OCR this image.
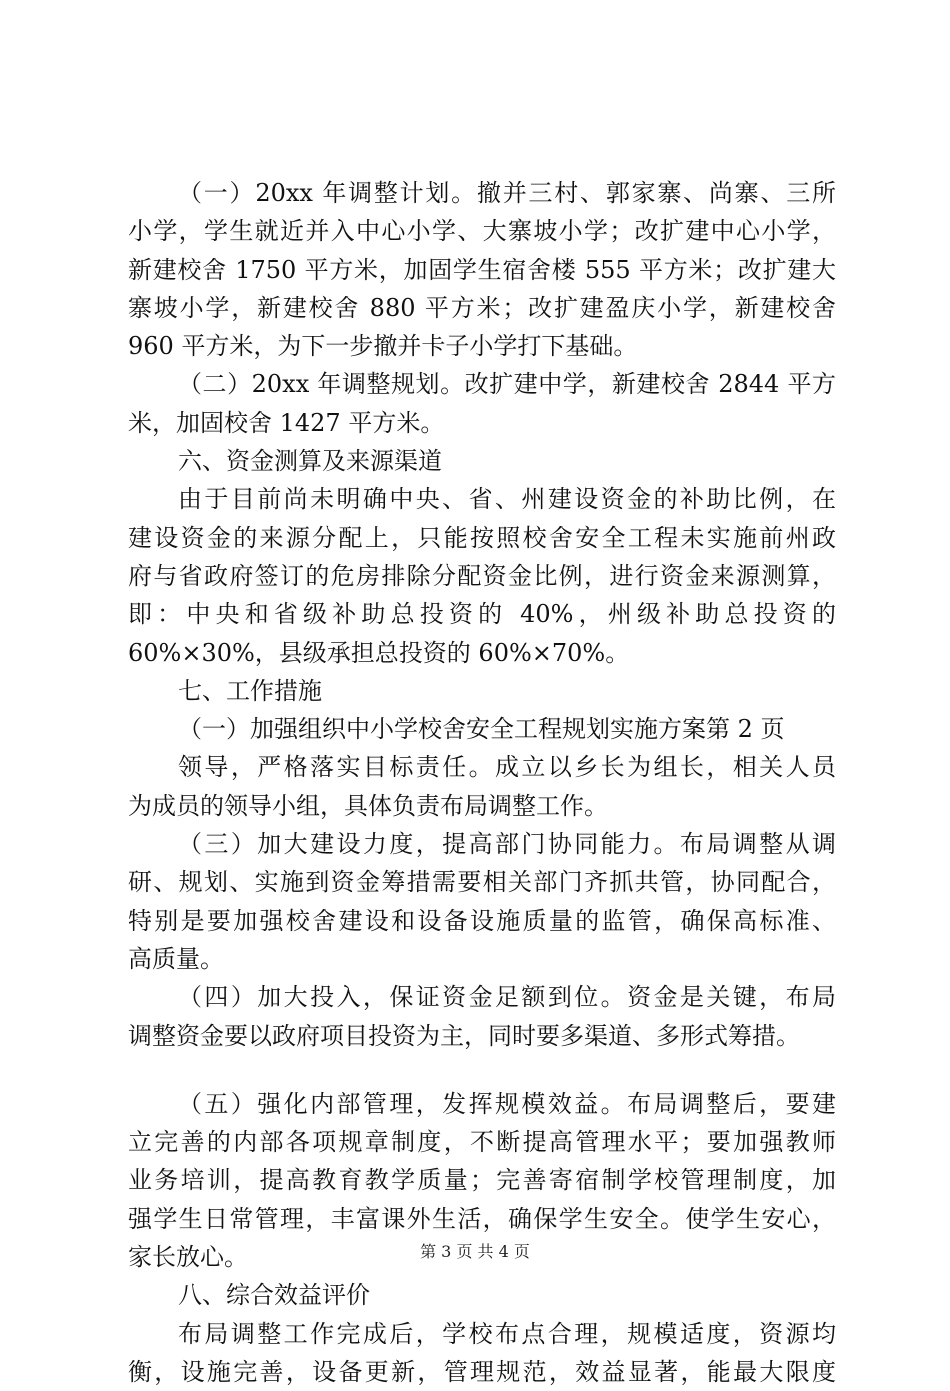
（一）20xx 年调整计划。撤并三村、郭家寨、尚寨、三所
小学，学生就近并入中心小学、大寨坡小学；改扩建中心小学，
新建校舍 1750 平方米，加固学生宿舍楼 555 平方米；改扩建大
寨坡小学，新建校舍 880 平方米；改扩建盈庆小学，新建校舍
960 平方米，为下一步撤并卡子小学打下基础。
（二）20xx 年调整规划。改扩建中学，新建校舍 2844 平方
米，加固校舍 1427 平方米。
六、资金测算及来源渠道
由于目前尚未明确中央、省、州建设资金的补助比例，在
建设资金的来源分配上，只能按照校舍安全工程未实施前州政
府与省政府签订的危房排除分配资金比例，进行资金来源测算，
即：中央和省级补助总投资的 40%，州级补助总投资的
60%×30%，县级承担总投资的 60%×70%。
七、工作措施
（一）加强组织中小学校舍安全工程规划实施方案第 2 页
领导，严格落实目标责任。成立以乡长为组长，相关人员
为成员的领导小组，具体负责布局调整工作。
（三）加大建设力度，提高部门协同能力。布局调整从调
研、规划、实施到资金筹措需要相关部门齐抓共管，协同配合，
特别是要加强校舍建设和设备设施质量的监管，确保高标准、
高质量。
（四）加大投入，保证资金足额到位。资金是关键，布局
调整资金要以政府项目投资为主，同时要多渠道、多形式筹措。
（五）强化内部管理，发挥规模效益。布局调整后，要建
立完善的内部各项规章制度，不断提高管理水平；要加强教师
业务培训，提高教育教学质量；完善寄宿制学校管理制度，加
强学生日常管理，丰富课外生活，确保学生安全。使学生安心，
家长放心。
八、综合效益评价
布局调整工作完成后，学校布点合理，规模适度，资源均
衡，设施完善，设备更新，管理规范，效益显著，能最大限度
第 3 页 共 4 页
